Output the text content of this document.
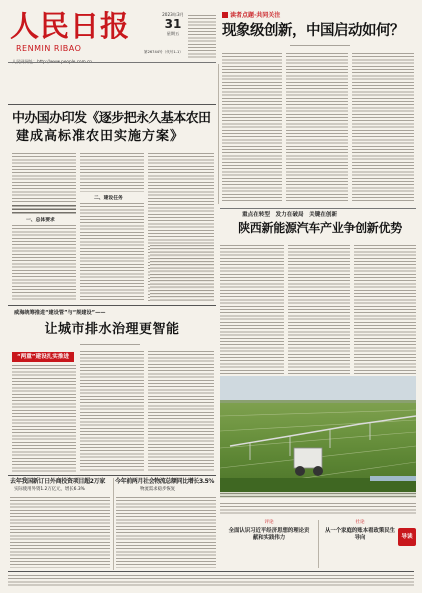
人民日报
RENMIN RIBAO
2023年3月
31
星期五
第26744号（代号1-1）
读者点题·共同关注
现象级创新，中国启动如何？
中办国办印发《逐步把永久基本农田
建成高标准农田实施方案》
一、总体要求
二、建设任务
重点在转型　发力在破局　关键在创新
陕西新能源汽车产业争创新优势
威海统筹推进“建设管”与“规建设”——
让城市排水治理更智能
“两重”建设扎实推进
去年我国新订日外商投资项目超2万家
实际使用外资1.2万亿元，增长6.3%
今年前两月社会物流总额同比增长3.5%
物流需求稳步恢复
评论
全面认识习近平经济思想的理论贡献和实践伟力
社论
从一个家庭的账本看政策民生导向	导读
